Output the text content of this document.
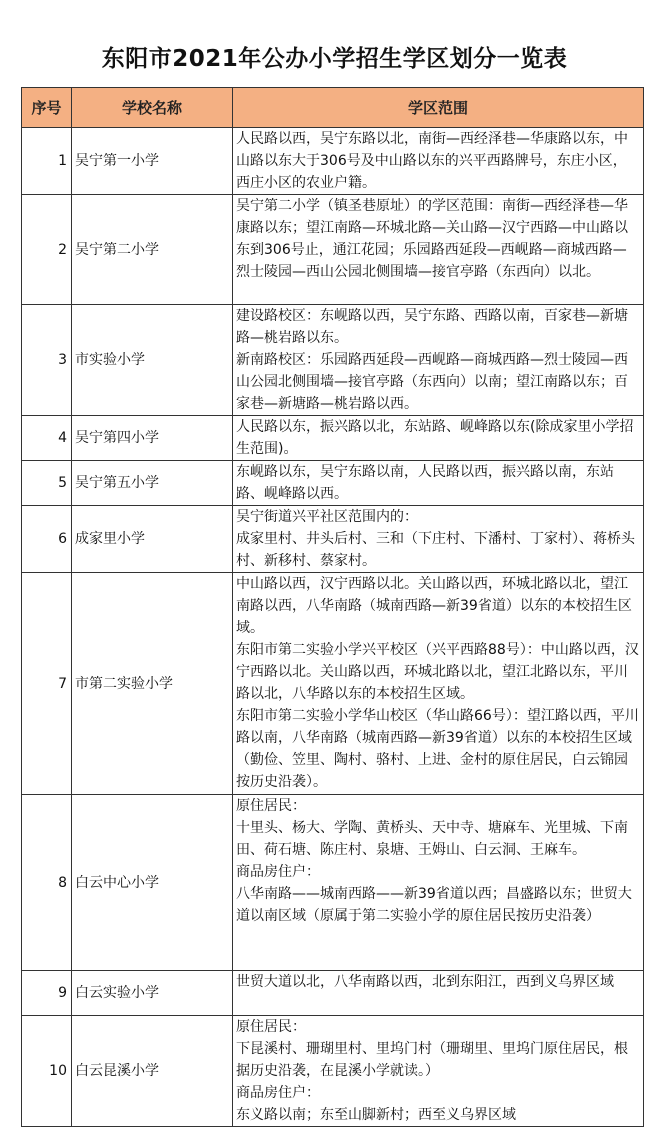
东阳市2021年公办小学招生学区划分一览表
序号	学校名称	学区范围
1	吴宁第一小学	人民路以西，吴宁东路以北，南街—西经泽巷—华康路以东，中山路以东大于306号及中山路以东的兴平西路牌号，东庄小区，西庄小区的农业户籍。

2	吴宁第二小学	吴宁第二小学（镇圣巷原址）的学区范围：南街—西经泽巷—华康路以东；望江南路—环城北路—关山路—汉宁西路—中山路以东到306号止，通江花园；乐园路西延段—西岘路—商城西路—烈士陵园—西山公园北侧围墙—接官亭路（东西向）以北。

3	市实验小学	建设路校区：东岘路以西，吴宁东路、西路以南，百家巷—新塘路—桃岩路以东。
新南路校区：乐园路西延段—西岘路—商城西路—烈士陵园—西山公园北侧围墙—接官亭路（东西向）以南；望江南路以东；百家巷—新塘路—桃岩路以西。

4	吴宁第四小学	人民路以东，振兴路以北，东站路、岘峰路以东(除成家里小学招生范围)。

5	吴宁第五小学	东岘路以东，吴宁东路以南，人民路以西，振兴路以南，东站路、岘峰路以西。

6	成家里小学	吴宁街道兴平社区范围内的：
成家里村、井头后村、三和（下庄村、下潘村、丁家村）、蒋桥头村、新移村、蔡家村。

7	市第二实验小学	中山路以西，汉宁西路以北。关山路以西，环城北路以北，望江南路以西，八华南路（城南西路—新39省道）以东的本校招生区域。
东阳市第二实验小学兴平校区（兴平西路88号）：中山路以西，汉宁西路以北。关山路以西，环城北路以北，望江北路以东，平川路以北，八华路以东的本校招生区域。
东阳市第二实验小学华山校区（华山路66号）：望江路以西，平川路以南，八华南路（城南西路—新39省道）以东的本校招生区域（勤俭、笠里、陶村、骆村、上进、金村的原住居民，白云锦园按历史沿袭）。

8	白云中心小学	原住居民：
十里头、杨大、学陶、黄桥头、天中寺、塘麻车、光里城、下南田、荷石塘、陈庄村、泉塘、王姆山、白云洞、王麻车。
商品房住户：
八华南路——城南西路——新39省道以西；昌盛路以东；世贸大道以南区域（原属于第二实验小学的原住居民按历史沿袭）

9	白云实验小学	世贸大道以北，八华南路以西，北到东阳江，西到义乌界区域

10	白云昆溪小学	原住居民：
下昆溪村、珊瑚里村、里坞门村（珊瑚里、里坞门原住居民，根据历史沿袭，在昆溪小学就读。）
商品房住户：
东义路以南；东至山脚新村；西至义乌界区域
